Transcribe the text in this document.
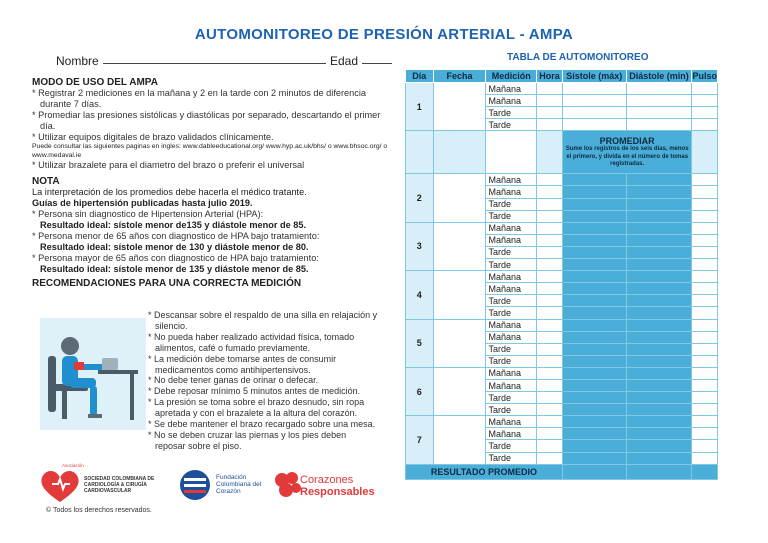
AUTOMONITOREO DE PRESIÓN ARTERIAL - AMPA
Nombre	Edad
MODO DE USO DEL AMPA
* Registrar 2 mediciones en la mañana y 2 en la tarde con 2 minutos de diferencia durante 7 días.
* Promediar las presiones sistólicas y diastólicas por separado, descartando el primer día.
* Utilizar equipos digitales de brazo validados clínicamente.
Puede consultar las siguientes paginas en ingles: www.dableeducational.org/ www.hyp.ac.uk/bhs/ o www.bhsoc.org/ o www.medaval.ie
* Utilizar brazalete para el diametro del brazo o preferir el universal
NOTA
La interpretación de los promedios debe hacerla el médico tratante.
Guías de hipertensión publicadas hasta julio 2019.
* Persona sin diagnostico de Hipertension Arterial (HPA):
Resultado ideal: sístole menor de135 y diástole menor de 85.
* Persona menor de 65 años con diagnostico de HPA bajo tratamiento:
Resultado ideal: sístole menor de 130 y diástole menor de 80.
* Persona mayor de 65 años con diagnostico de HPA bajo tratamiento:
Resultado ideal: sístole menor de 135 y diástole menor de 85.
RECOMENDACIONES PARA UNA CORRECTA MEDICIÓN
* Descansar sobre el respaldo de una silla en relajación y silencio.
* No pueda haber realizado actividad física, tomado alimentos, café o fumado previamente.
* La medición debe tomarse antes de consumir medicamentos como antihipertensivos.
* No debe tener ganas de orinar o defecar.
* Debe reposar mínimo 5 minutos antes de medición.
* La presión se toma sobre el brazo desnudo, sin ropa apretada y con el brazalete a la altura del corazón.
* Se debe mantener el brazo recargado sobre una mesa.
* No se deben cruzar las piernas y los pies deben reposar sobre el piso.
Asociación
SOCIEDAD COLOMBIANA DE CARDIOLOGÍA & CIRUGÍA CARDIOVASCULAR
Fundación Colombiana del Corazón
Corazones
Responsables
© Todos los derechos reservados.
TABLA DE AUTOMONITOREO
Día	Fecha	Medición	Hora	Sístole (máx)	Diástole (min)	Pulso
1		Mañana				
		Mañana				
		Tarde				
		Tarde				

				PROMEDIAR
Sume los registros de los seis días, menos el primero, y divida en el número de tomas registradas.		

2		Mañana				
		Mañana				
		Tarde				
		Tarde				
3		Mañana				
		Mañana				
		Tarde				
		Tarde				
4		Mañana				
		Mañana				
		Tarde				
		Tarde				
5		Mañana				
		Mañana				
		Tarde				
		Tarde				
6		Mañana				
		Mañana				
		Tarde				
		Tarde				
7		Mañana				
		Mañana				
		Tarde				
		Tarde				
RESULTADO PROMEDIO						
